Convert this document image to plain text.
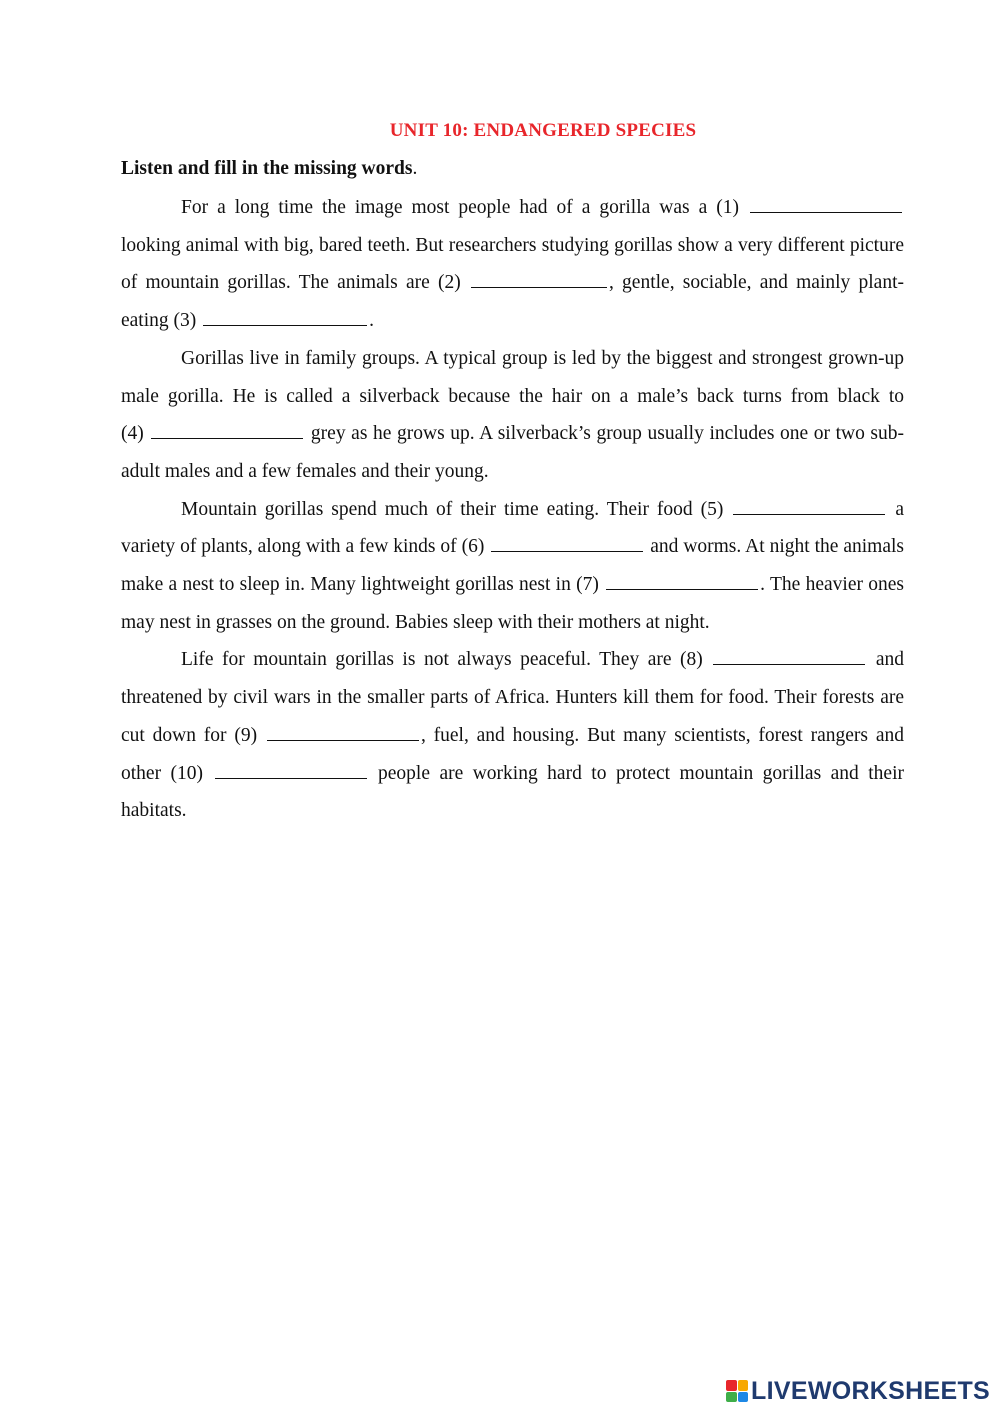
UNIT 10: ENDANGERED SPECIES
Listen and fill in the missing words.

For a long time the image most people had of a gorilla was a (1)  looking animal with big, bared teeth. But researchers studying gorillas show a very different picture of mountain gorillas. The animals are (2)	, gentle, sociable, and mainly plant-eating (3)	.

Gorillas live in family groups. A typical group is led by the biggest and strongest grown-up male gorilla. He is called a silverback because the hair on a male’s back turns from black to (4)	grey as he grows up. A silverback’s group usually includes one or two sub-adult males and a few females and their young.

Mountain gorillas spend much of their time eating. Their food (5)	a variety of plants, along with a few kinds of (6)	and worms. At night the animals make a nest to sleep in. Many lightweight gorillas nest in (7)	. The heavier ones may nest in grasses on the ground. Babies sleep with their mothers at night.

Life for mountain gorillas is not always peaceful. They are (8)	and threatened by civil wars in the smaller parts of Africa. Hunters kill them for food. Their forests are cut down for (9)	, fuel, and housing. But many scientists, forest rangers and other (10)	people are working hard to protect mountain gorillas and their habitats.

LIVEWORKSHEETS
